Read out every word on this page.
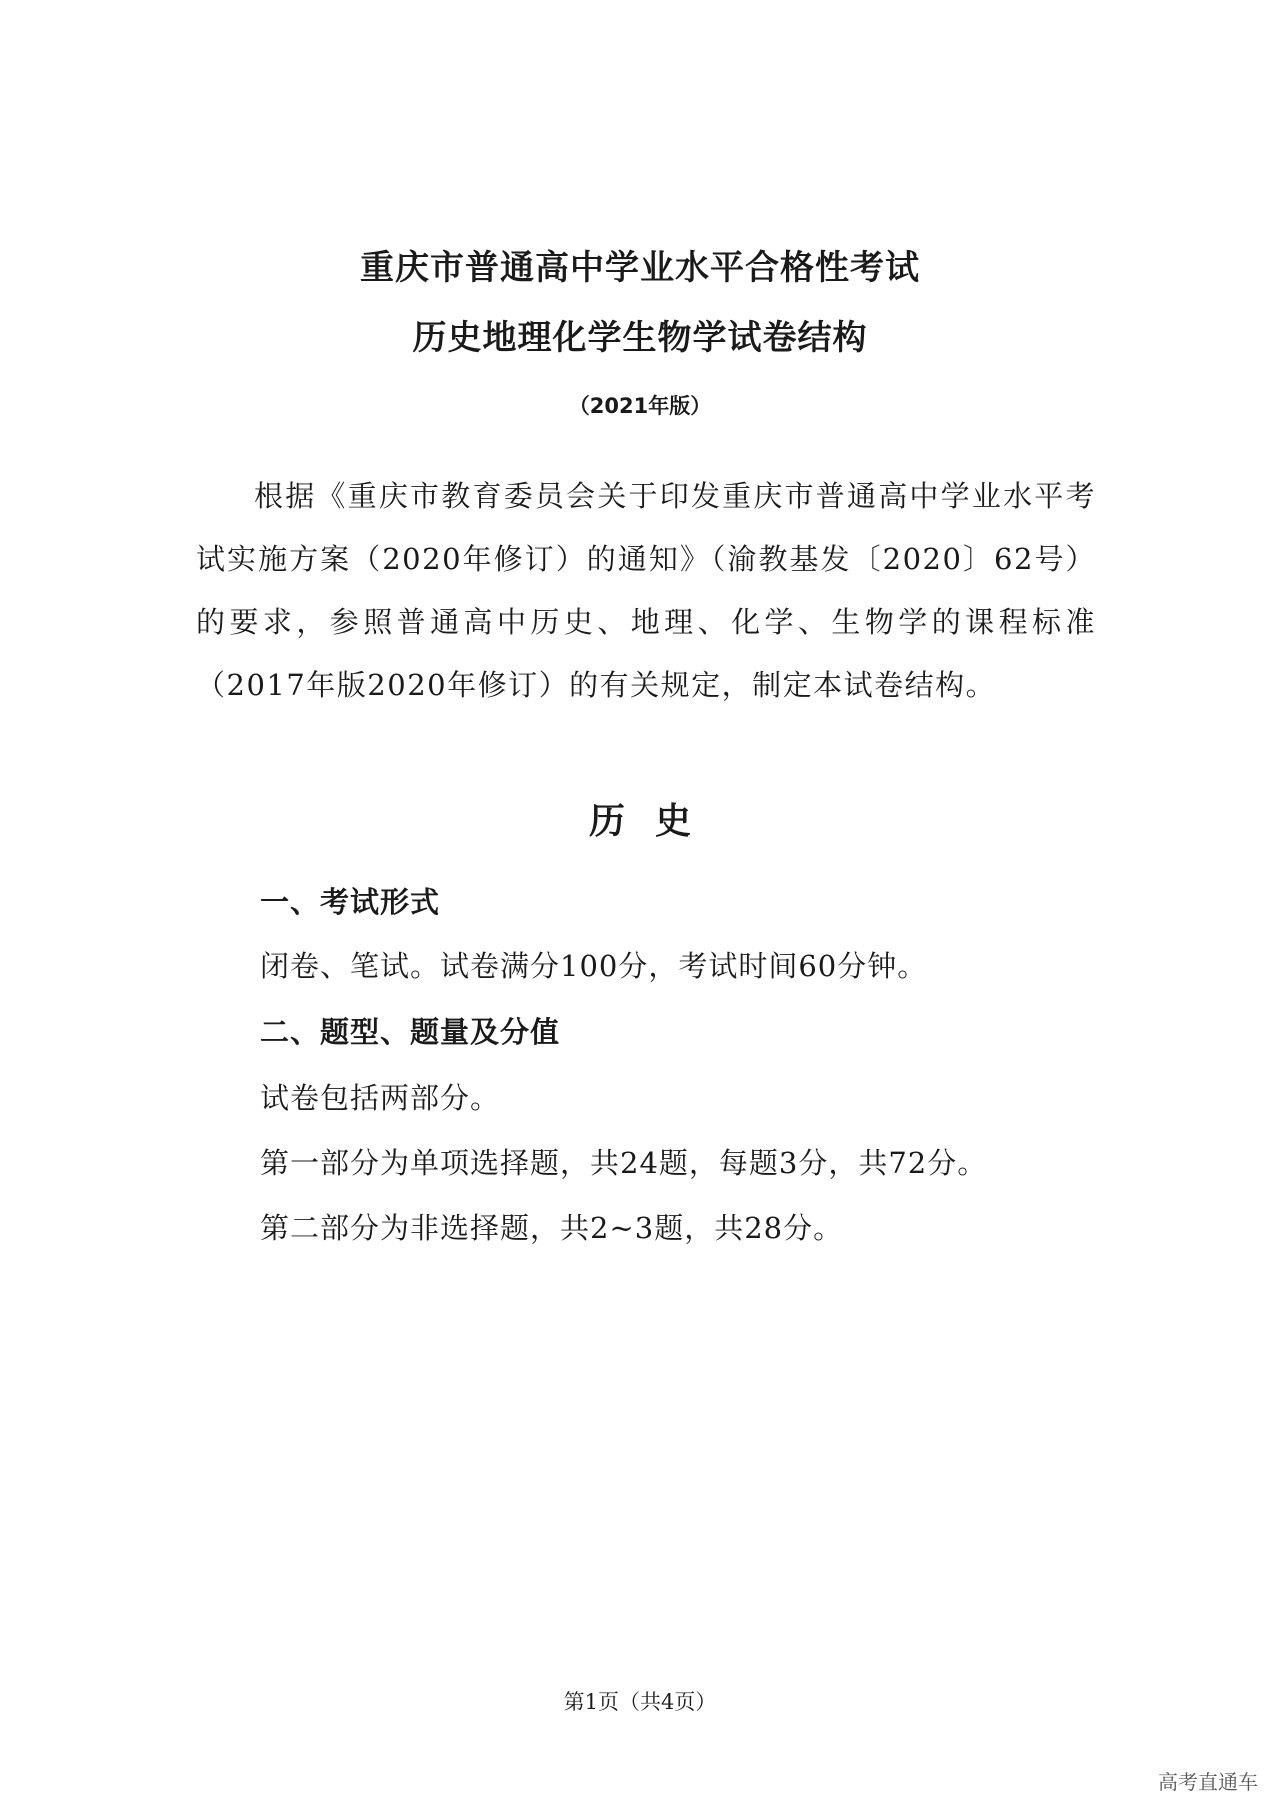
重庆市普通高中学业水平合格性考试
历史地理化学生物学试卷结构
（2021年版）

根据《重庆市教育委员会关于印发重庆市普通高中学业水平考试实施方案（2020年修订）的通知》（渝教基发〔2020〕62号）的要求，参照普通高中历史、地理、化学、生物学的课程标准（2017年版2020年修订）的有关规定，制定本试卷结构。

历史
一、考试形式
闭卷、笔试。试卷满分100分，考试时间60分钟。
二、题型、题量及分值
试卷包括两部分。
第一部分为单项选择题，共24题，每题3分，共72分。
第二部分为非选择题，共2~3题，共28分。
第1页（共4页）
高考直通车
